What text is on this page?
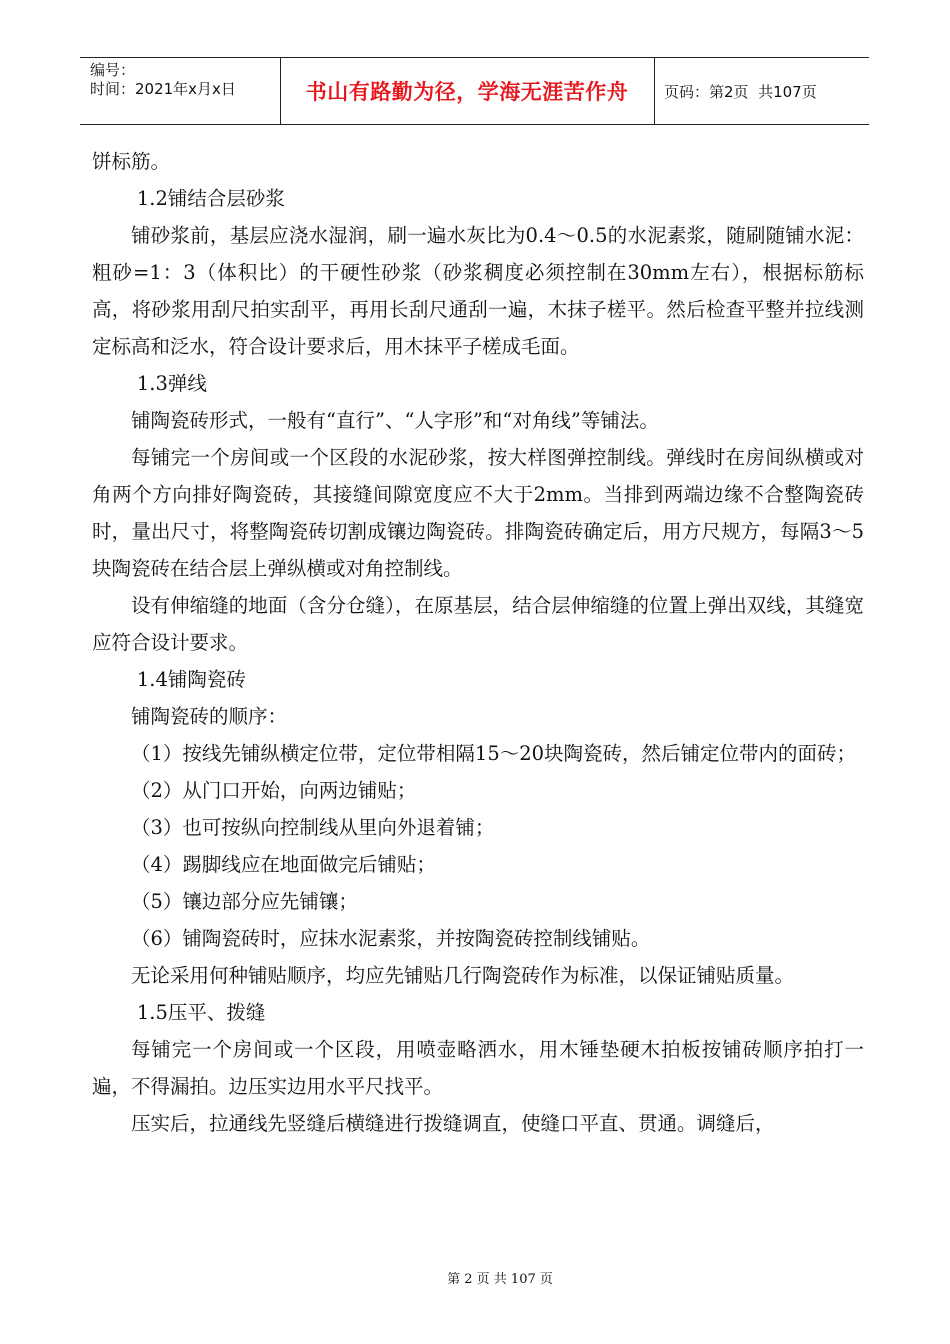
编号：
时间：2021年x月x日	书山有路勤为径，学海无涯苦作舟	页码：第2页  共107页

饼标筋。

1.2铺结合层砂浆

铺砂浆前，基层应浇水湿润，刷一遍水灰比为0.4～0.5的水泥素浆，随刷随铺水泥：粗砂=1：3（体积比）的干硬性砂浆（砂浆稠度必须控制在30mm左右），根据标筋标高，将砂浆用刮尺拍实刮平，再用长刮尺通刮一遍，木抹子槎平。然后检查平整并拉线测定标高和泛水，符合设计要求后，用木抹平子槎成毛面。

1.3弹线

铺陶瓷砖形式，一般有“直行”、“人字形”和“对角线”等铺法。

每铺完一个房间或一个区段的水泥砂浆，按大样图弹控制线。弹线时在房间纵横或对角两个方向排好陶瓷砖，其接缝间隙宽度应不大于2mm。当排到两端边缘不合整陶瓷砖时，量出尺寸，将整陶瓷砖切割成镶边陶瓷砖。排陶瓷砖确定后，用方尺规方，每隔3～5块陶瓷砖在结合层上弹纵横或对角控制线。

设有伸缩缝的地面（含分仓缝），在原基层，结合层伸缩缝的位置上弹出双线，其缝宽应符合设计要求。

1.4铺陶瓷砖

铺陶瓷砖的顺序：

（1）按线先铺纵横定位带，定位带相隔15～20块陶瓷砖，然后铺定位带内的面砖；

（2）从门口开始，向两边铺贴；

（3）也可按纵向控制线从里向外退着铺；

（4）踢脚线应在地面做完后铺贴；

（5）镶边部分应先铺镶；

（6）铺陶瓷砖时，应抹水泥素浆，并按陶瓷砖控制线铺贴。

无论采用何种铺贴顺序，均应先铺贴几行陶瓷砖作为标准，以保证铺贴质量。

1.5压平、拨缝

每铺完一个房间或一个区段，用喷壶略洒水，用木锤垫硬木拍板按铺砖顺序拍打一遍，不得漏拍。边压实边用水平尺找平。

压实后，拉通线先竖缝后横缝进行拨缝调直，使缝口平直、贯通。调缝后，

第 2 页 共 107 页
